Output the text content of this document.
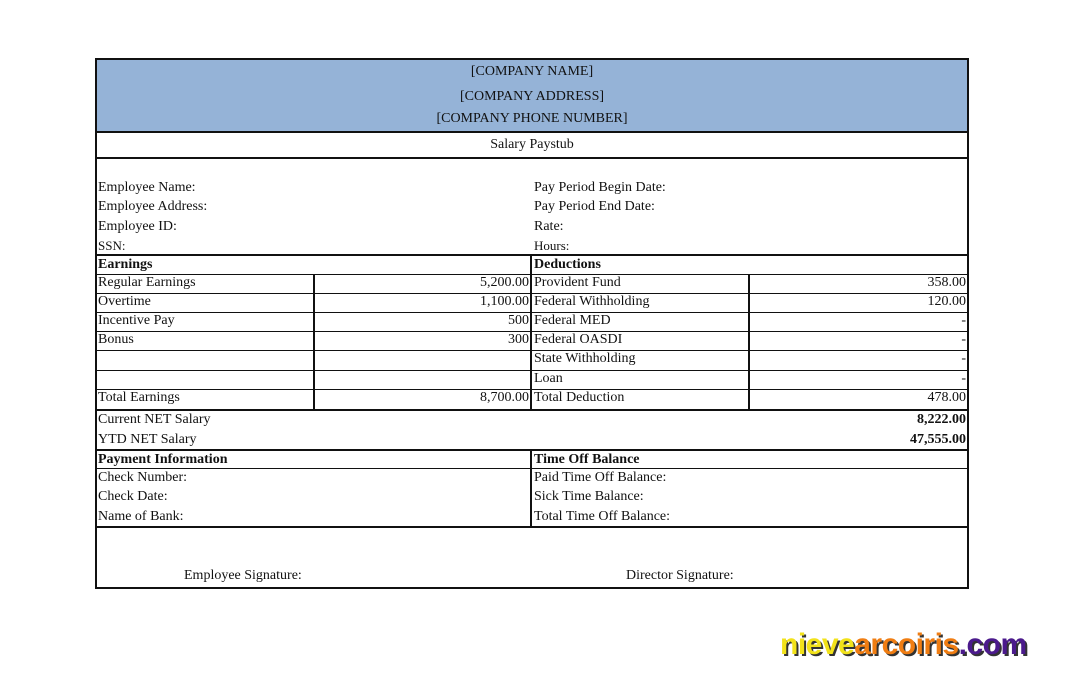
[COMPANY NAME]
[COMPANY ADDRESS]
[COMPANY PHONE NUMBER]
Salary Paystub
Employee Name:
Employee Address:
Employee ID:
SSN:
Pay Period Begin Date:
Pay Period End Date:
Rate:
Hours:
Earnings	Deductions
Regular Earnings	5,200.00 Provident Fund	358.00
Overtime	1,100.00 Federal Withholding	120.00
Incentive Pay	500 Federal MED	-
Bonus	300 Federal OASDI	-
State Withholding	-
Loan	-
Total Earnings	8,700.00 Total Deduction	478.00
Current NET Salary	8,222.00
YTD NET Salary	47,555.00
Payment Information
Check Number:
Check Date:
Name of Bank:
Time Off Balance
Paid Time Off Balance:
Sick Time Balance:
Total Time Off Balance:
Employee Signature:	Director Signature:
nievearcoiris.com
